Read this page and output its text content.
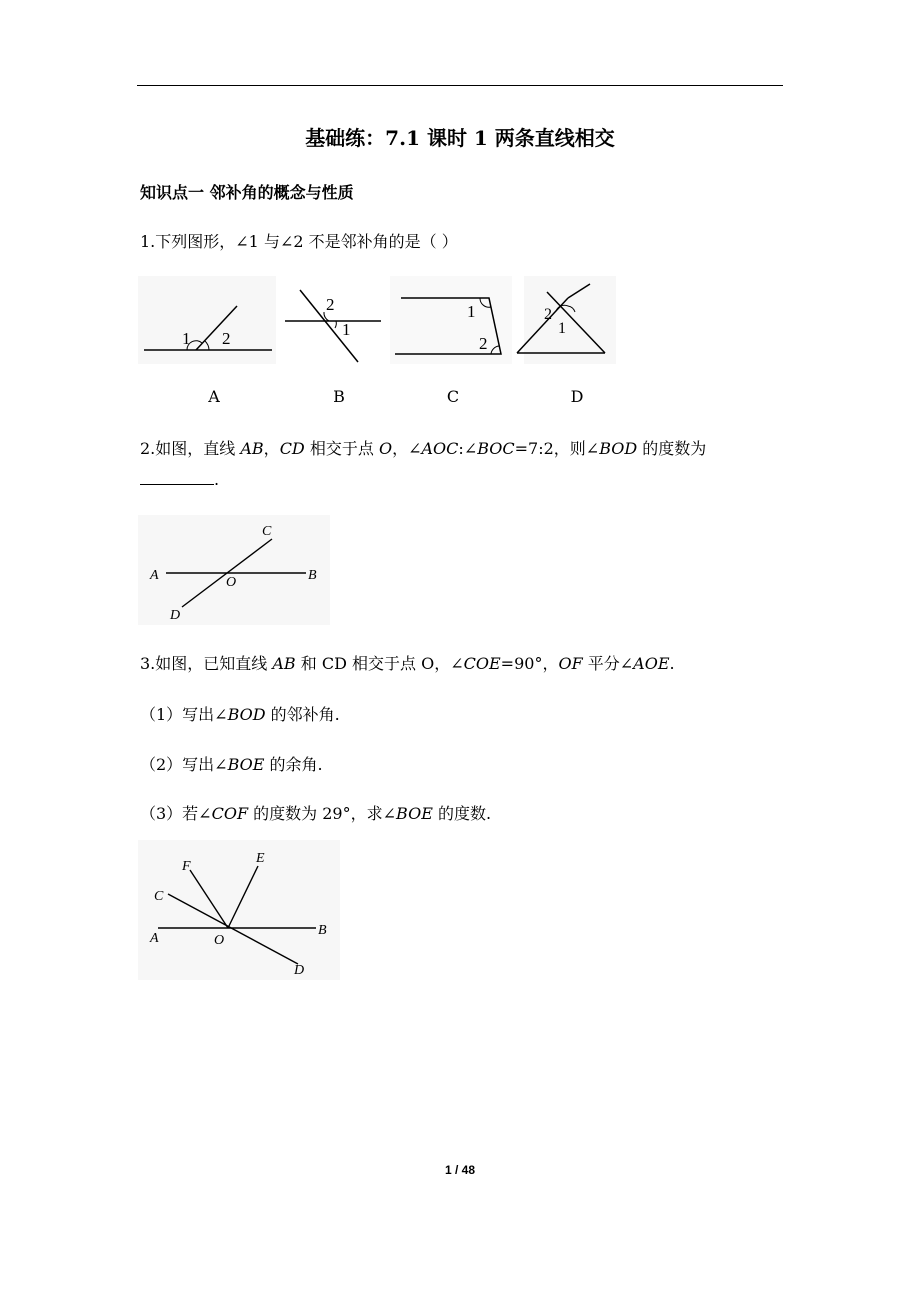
基础练：7.1 课时 1 两条直线相交
知识点一 邻补角的概念与性质
1.下列图形，∠1 与∠2 不是邻补角的是（ ）
1 2
2
1
1
2
2
1
A	B	C	D
2.如图，直线 AB，CD 相交于点 O，∠AOC:∠BOC=7:2，则∠BOD 的度数为
.
A	B
C
D
O
3.如图，已知直线 AB 和 CD 相交于点 O，∠COE=90°，OF 平分∠AOE.
（1）写出∠BOD 的邻补角.
（2）写出∠BOE 的余角.
（3）若∠COF 的度数为 29°，求∠BOE 的度数.
A
B
C
D
E
F
O
1 / 48
